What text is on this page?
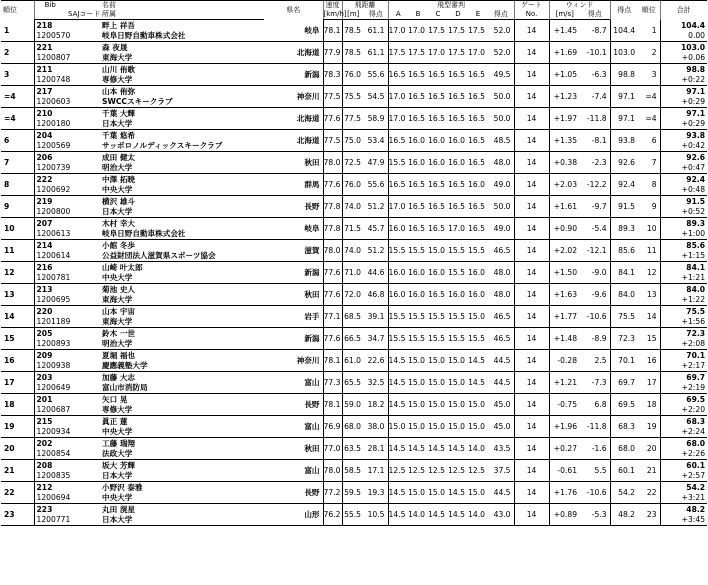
順位	Bib		名前	県名	速度	飛距離		飛型審判						ゲート	ウィンド		得点	順位	合計
		SAJコード	所属		[km/h]	[m]	得点	A	B	C	D	E	得点	No.	[m/s]	得点			
1	218		畔上 祥吾	岐阜	78.1	78.5	61.1	17.0	17.0	17.5	17.5	17.5	52.0	14	+1.45	-8.7	104.4	1	104.4
	1200570		岐阜日野自動車株式会社																0.00
2	221		森 夜晟	北海道	77.9	78.5	61.1	17.5	17.5	17.0	17.5	17.0	52.0	14	+1.69	-10.1	103.0	2	103.0
	1200807		東海大学																+0.06
3	211		山川 侑歌	新潟	78.3	76.0	55.6	16.5	16.5	16.5	16.5	16.5	49.5	14	+1.05	-6.3	98.8	3	98.8
	1200748		専修大学																+0:22
=4	217		山本 侑弥	神奈川	77.5	75.5	54.5	17.0	16.5	16.5	16.5	16.5	50.0	14	+1.23	-7.4	97.1	=4	97.1
	1200603		SWCCスキークラブ																+0:29
=4	210		千葉 大輝	北海道	77.6	77.5	58.9	17.0	16.5	16.5	16.5	16.5	50.0	14	+1.97	-11.8	97.1	=4	97.1
	1200180		日本大学																+0:29
6	204		千葉 悠希	北海道	77.5	75.0	53.4	16.5	16.0	16.0	16.0	16.5	48.5	14	+1.35	-8.1	93.8	6	93.8
	1200569		サッポロノルディックスキークラブ																+0:42
7	206		成田 健太	秋田	78.0	72.5	47.9	15.5	16.0	16.0	16.0	16.5	48.0	14	+0.38	-2.3	92.6	7	92.6
	1200739		明治大学																+0:47
8	222		中澤 拓暁	群馬	77.6	76.0	55.6	16.5	16.5	16.5	16.5	16.0	49.0	14	+2.03	-12.2	92.4	8	92.4
	1200692		中央大学																+0:48
9	219		横沢 雄斗	長野	77.8	74.0	51.2	17.0	16.5	16.5	16.5	16.5	50.0	14	+1.61	-9.7	91.5	9	91.5
	1200800		日本大学																+0:52
10	207		木村 幸大	岐阜	77.8	71.5	45.7	16.0	16.5	16.5	17.0	16.5	49.0	14	+0.90	-5.4	89.3	10	89.3
	1200613		岐阜日野自動車株式会社																+1:00
11	214		小館 冬歩	滋賀	78.0	74.0	51.2	15.5	15.5	15.0	15.5	15.5	46.5	14	+2.02	-12.1	85.6	11	85.6
	1200614		公益財団法人滋賀県スポーツ協会																+1:15
12	216		山崎 叶太郎	新潟	77.6	71.0	44.6	16.0	16.0	16.0	15.5	16.0	48.0	14	+1.50	-9.0	84.1	12	84.1
	1200781		中央大学																+1:21
13	213		菊池 史人	秋田	77.6	72.0	46.8	16.0	16.0	16.5	16.0	16.0	48.0	14	+1.63	-9.6	84.0	13	84.0
	1200695		東海大学																+1:22
14	220		山本 宇宙	岩手	77.1	68.5	39.1	15.5	15.5	15.5	15.5	15.0	46.5	14	+1.77	-10.6	75.5	14	75.5
	1201189		東海大学																+1:56
15	205		鈴木 一世	新潟	77.6	66.5	34.7	15.5	15.5	15.5	15.5	15.5	46.5	14	+1.48	-8.9	72.3	15	72.3
	1200893		明治大学																+2:08
16	209		夏堀 福也	神奈川	78.1	61.0	22.6	14.5	15.0	15.0	15.0	14.5	44.5	14	-0.28	2.5	70.1	16	70.1
	1200938		慶應義塾大学																+2:17
17	203		加藤 大志	富山	77.3	65.5	32.5	14.5	15.0	15.0	15.0	14.5	44.5	14	+1.21	-7.3	69.7	17	69.7
	1200649		富山市消防局																+2:19
18	201		矢口 晃	長野	78.1	59.0	18.2	14.5	15.0	15.0	15.0	15.0	45.0	14	-0.75	6.8	69.5	18	69.5
	1200687		専修大学																+2:20
19	215		眞正 蓮	富山	76.9	68.0	38.0	15.0	15.0	15.0	15.0	15.0	45.0	14	+1.96	-11.8	68.3	19	68.3
	1200934		中央大学																+2:24
20	202		工藤 瑞翔	秋田	77.0	63.5	28.1	14.5	14.5	14.5	14.5	14.0	43.5	14	+0.27	-1.6	68.0	20	68.0
	1200854		法政大学																+2:26
21	208		坂大 芳輝	富山	78.0	58.5	17.1	12.5	12.5	12.5	12.5	12.5	37.5	14	-0.61	5.5	60.1	21	60.1
	1200835		日本大学																+2:57
22	212		小野沢 泰雅	長野	77.2	59.5	19.3	14.5	15.0	15.0	14.5	15.0	44.5	14	+1.76	-10.6	54.2	22	54.2
	1200694		中央大学																+3:21
23	223		丸田 滉星	山形	76.2	55.5	10.5	14.5	14.0	14.5	14.5	14.0	43.0	14	+0.89	-5.3	48.2	23	48.2
	1200771		日本大学																+3:45
